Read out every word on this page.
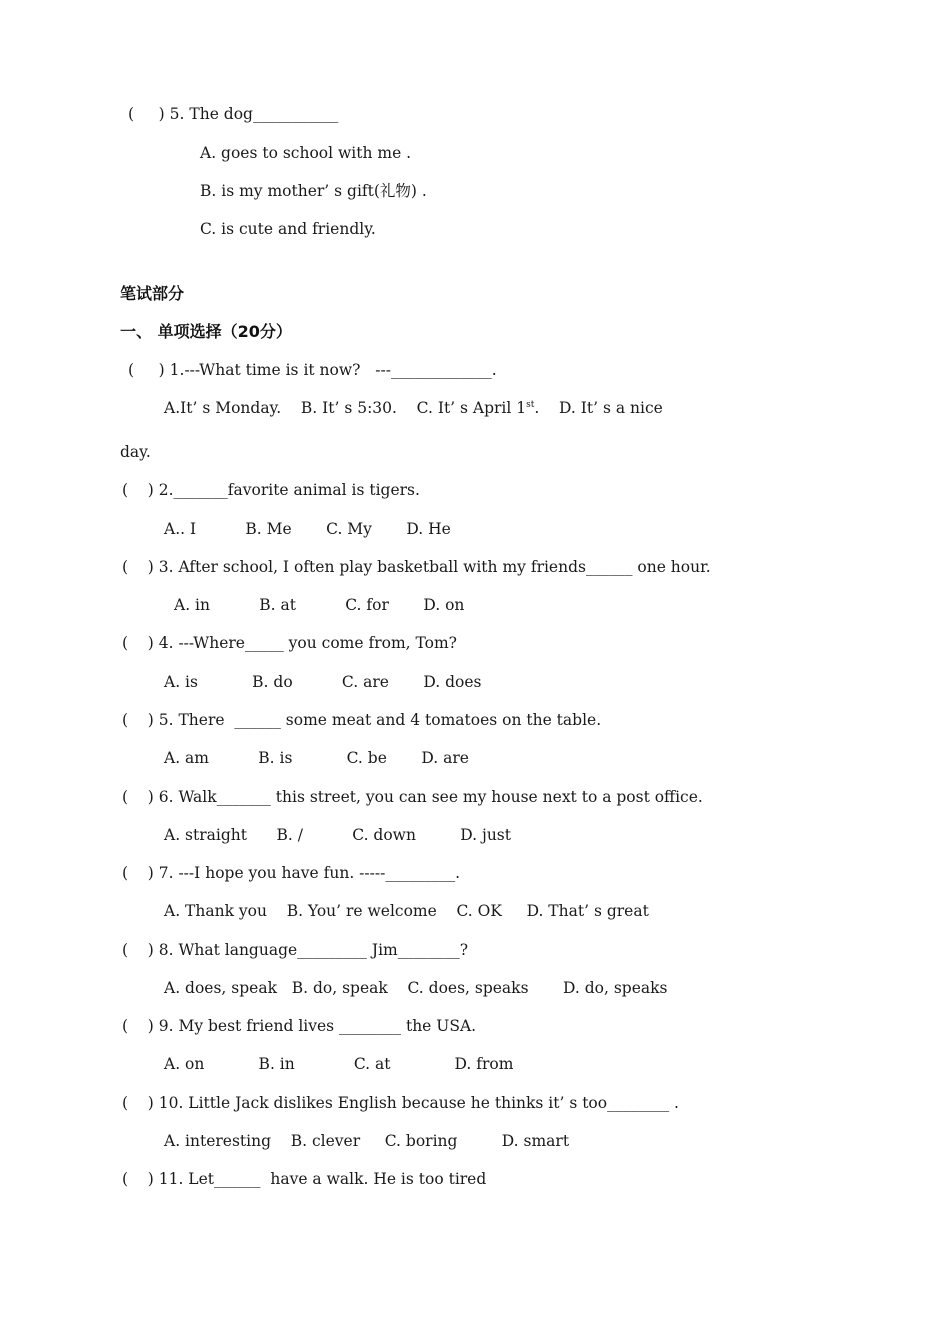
(     ) 5. The dog___________
A. goes to school with me .
B. is my mother’ s gift(礼物) .
C. is cute and friendly.
笔试部分
一、 单项选择（20分）
(     ) 1.---What time is it now?   ---_____________.
A.It’ s Monday.    B. It’ s 5:30.    C. It’ s April 1st.    D. It’ s a nice
day.
(    ) 2._______favorite animal is tigers.
A.. I          B. Me       C. My       D. He
(    ) 3. After school, I often play basketball with my friends______ one hour.
A. in          B. at          C. for       D. on
(    ) 4. ---Where_____ you come from, Tom?
A. is           B. do          C. are       D. does
(    ) 5. There  ______ some meat and 4 tomatoes on the table.
A. am          B. is           C. be       D. are
(    ) 6. Walk_______ this street, you can see my house next to a post office.
A. straight      B. /          C. down         D. just
(    ) 7. ---I hope you have fun. -----_________.
A. Thank you    B. You’ re welcome    C. OK     D. That’ s great
(    ) 8. What language_________ Jim________?
A. does, speak   B. do, speak    C. does, speaks       D. do, speaks
(    ) 9. My best friend lives ________ the USA.
A. on           B. in            C. at             D. from
(    ) 10. Little Jack dislikes English because he thinks it’ s too________ .
A. interesting    B. clever     C. boring         D. smart
(    ) 11. Let______  have a walk. He is too tired
